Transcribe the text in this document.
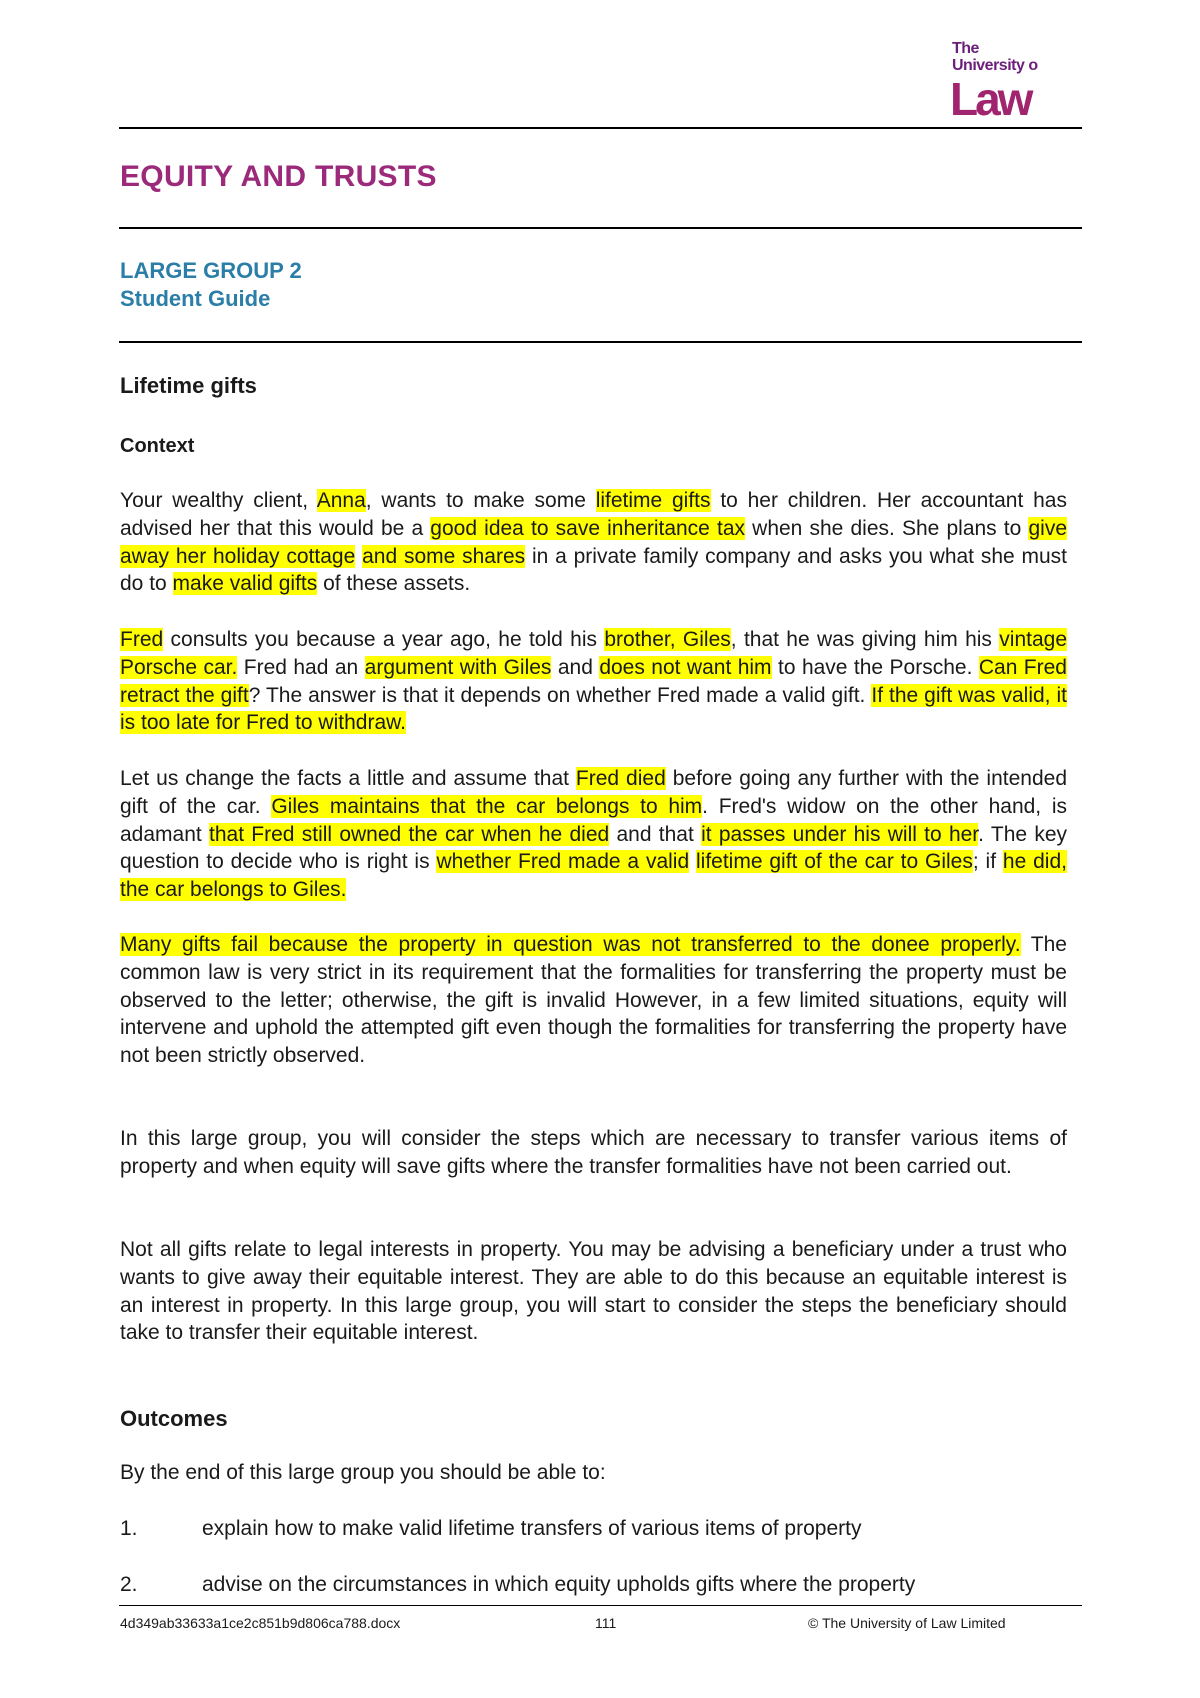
The
University o
Law
EQUITY AND TRUSTS
LARGE GROUP 2
Student Guide
Lifetime gifts
Context

Your wealthy client, Anna, wants to make some lifetime gifts to her children. Her accountant has advised her that this would be a good idea to save inheritance tax when she dies. She plans to give away her holiday cottage and some shares in a private family company and asks you what she must do to make valid gifts of these assets.

Fred consults you because a year ago, he told his brother, Giles, that he was giving him his vintage Porsche car. Fred had an argument with Giles and does not want him to have the Porsche. Can Fred retract the gift? The answer is that it depends on whether Fred made a valid gift. If the gift was valid, it is too late for Fred to withdraw.

Let us change the facts a little and assume that Fred died before going any further with the intended gift of the car. Giles maintains that the car belongs to him. Fred's widow on the other hand, is adamant that Fred still owned the car when he died and that it passes under his will to her. The key question to decide who is right is whether Fred made a valid lifetime gift of the car to Giles; if he did, the car belongs to Giles.

Many gifts fail because the property in question was not transferred to the donee properly. The common law is very strict in its requirement that the formalities for transferring the property must be observed to the letter; otherwise, the gift is invalid However, in a few limited situations, equity will intervene and uphold the attempted gift even though the formalities for transferring the property have not been strictly observed.

In this large group, you will consider the steps which are necessary to transfer various items of property and when equity will save gifts where the transfer formalities have not been carried out.

Not all gifts relate to legal interests in property. You may be advising a beneficiary under a trust who wants to give away their equitable interest. They are able to do this because an equitable interest is an interest in property. In this large group, you will start to consider the steps the beneficiary should take to transfer their equitable interest.

Outcomes

By the end of this large group you should be able to:

1.	explain how to make valid lifetime transfers of various items of property
2.	advise on the circumstances in which equity upholds gifts where the property
4d349ab33633a1ce2c851b9d806ca788.docx	111	© The University of Law Limited
